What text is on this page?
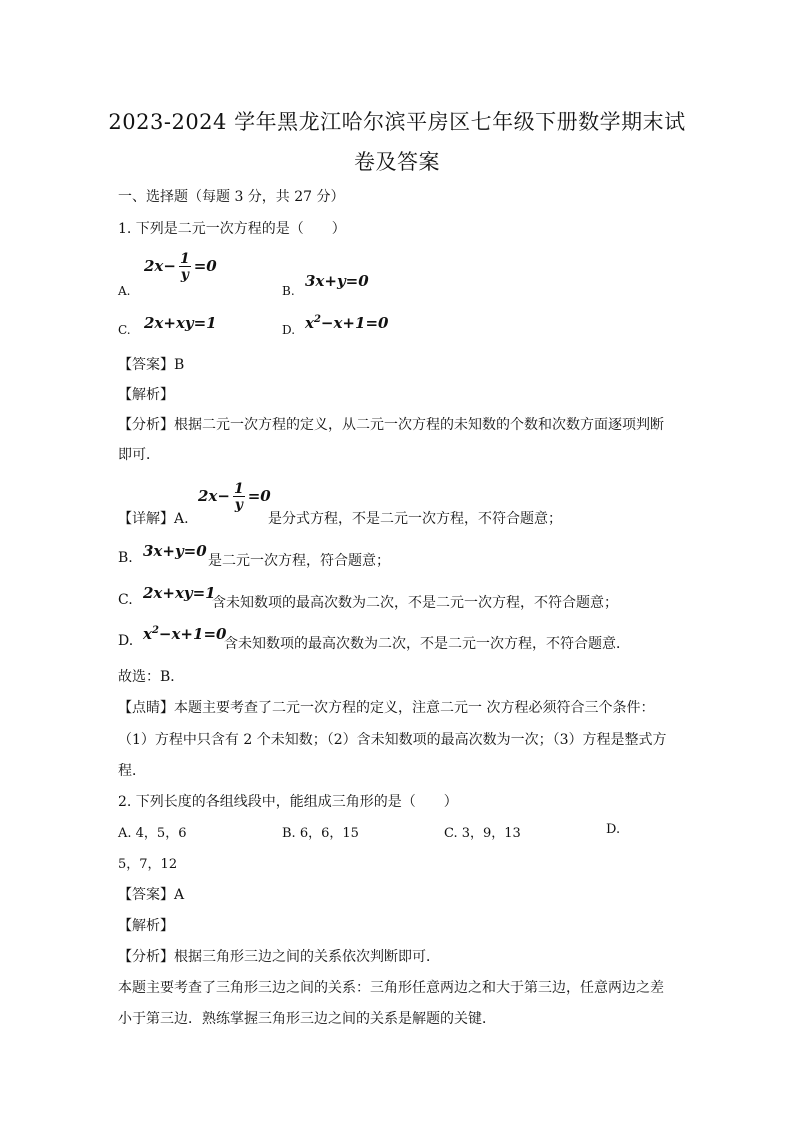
2023-2024 学年黑龙江哈尔滨平房区七年级下册数学期末试
卷及答案
一、选择题（每题 3 分，共 27 分）
1. 下列是二元一次方程的是（　　）
A.
$2x- \frac{1}{y} =0$
B.
3x+y=0
C. 2x+xy=1	D. $x^2-x+1=0$
【答案】B
【解析】
【分析】根据二元一次方程的定义，从二元一次方程的未知数的个数和次数方面逐项判断
即可．
【详解】A.
$2x- \frac{1}{y} =0$
是分式方程，不是二元一次方程，不符合题意；
B. 3x+y=0
是二元一次方程，符合题意；
C. 2x+xy=1
含未知数项的最高次数为二次，不是二元一次方程，不符合题意；
D. $x^2-x+1=0$
含未知数项的最高次数为二次，不是二元一次方程，不符合题意．
故选：B．
【点睛】本题主要考查了二元一次方程的定义，注意二元一 次方程必须符合三个条件：
（1）方程中只含有 2 个未知数；（2）含未知数项的最高次数为一次；（3）方程是整式方
程．
2. 下列长度的各组线段中，能组成三角形的是（　　）
A. 4，5，6	B. 6，6，15	C. 3，9，13	D.
5，7，12
【答案】A
【解析】
【分析】根据三角形三边之间的关系依次判断即可．
本题主要考查了三角形三边之间的关系：三角形任意两边之和大于第三边，任意两边之差
小于第三边．熟练掌握三角形三边之间的关系是解题的关键．
